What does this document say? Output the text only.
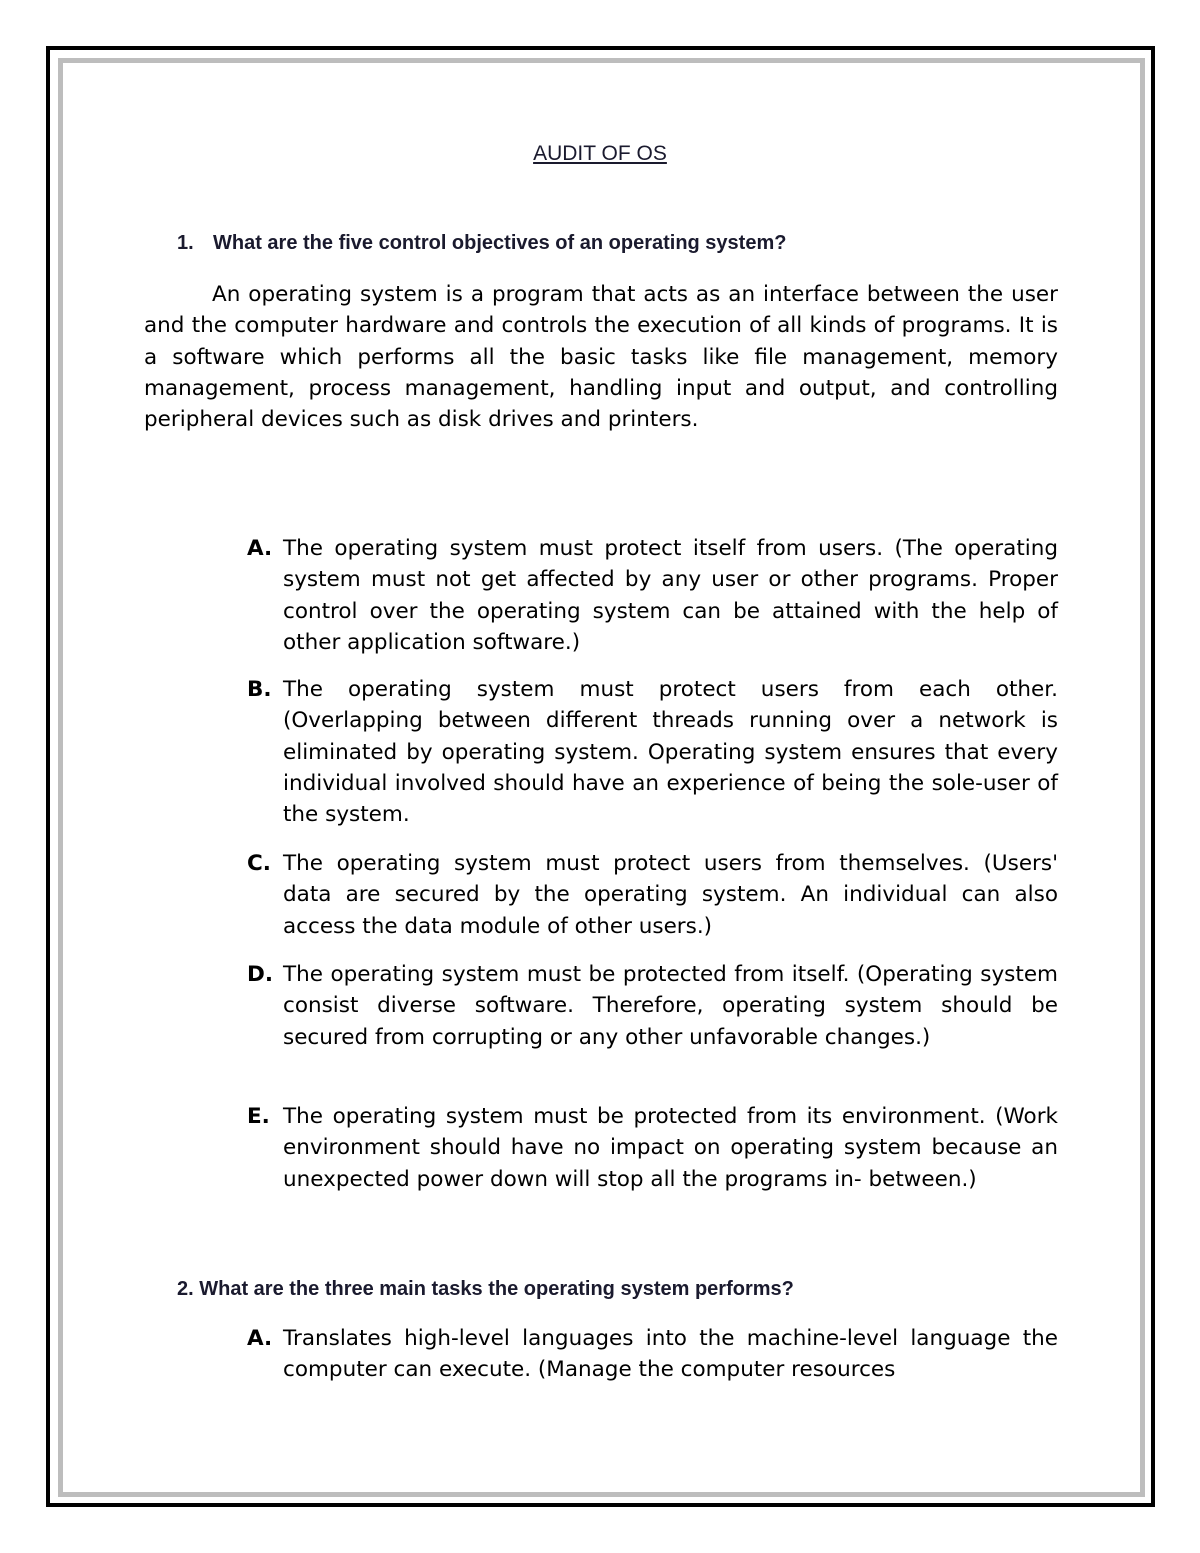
AUDIT OF OS
1. What are the five control objectives of an operating system?

An operating system is a program that acts as an interface between the user and the computer hardware and controls the execution of all kinds of programs. It is a software which performs all the basic tasks like file management, memory management, process management, handling input and output, and controlling peripheral devices such as disk drives and printers.

A. The operating system must protect itself from users. (The operating system must not get affected by any user or other programs. Proper control over the operating system can be attained with the help of other application software.)
B. The operating system must protect users from each other. (Overlapping between different threads running over a network is eliminated by operating system. Operating system ensures that every individual involved should have an experience of being the sole-user of the system.
C. The operating system must protect users from themselves. (Users' data are secured by the operating system. An individual can also access the data module of other users.)
D. The operating system must be protected from itself. (Operating system consist diverse software. Therefore, operating system should be secured from corrupting or any other unfavorable changes.)
E. The operating system must be protected from its environment. (Work environment should have no impact on operating system because an unexpected power down will stop all the programs in- between.)
2. What are the three main tasks the operating system performs?
A. Translates high-level languages into the machine-level language the computer can execute. (Manage the computer resources
